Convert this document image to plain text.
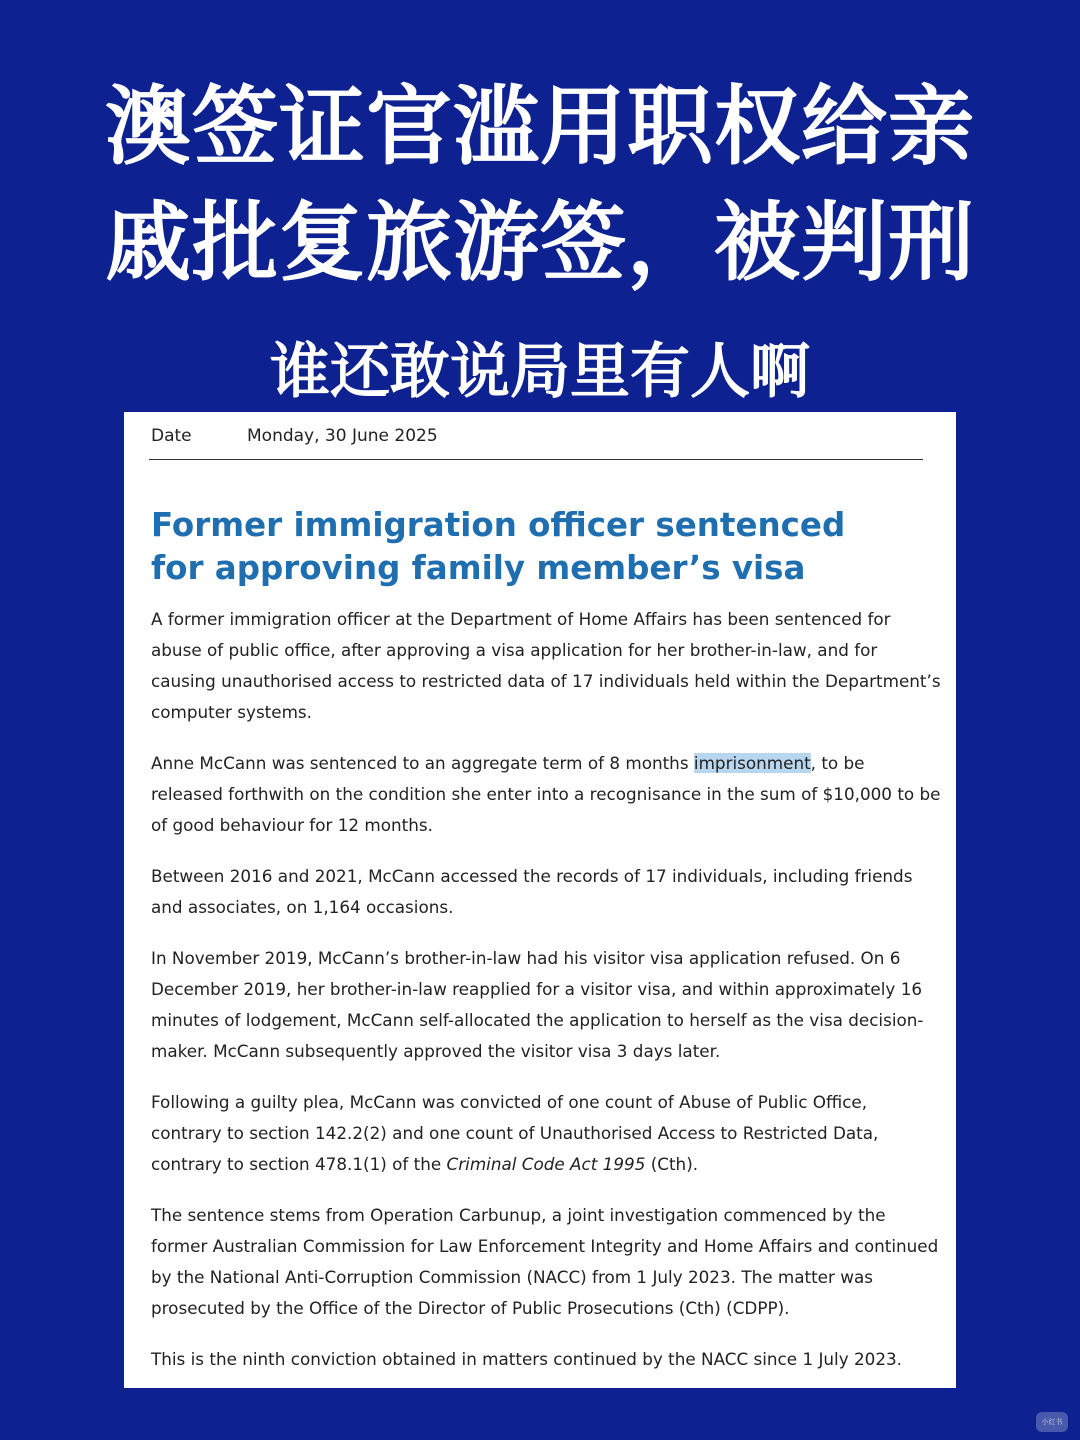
澳签证官滥用职权给亲
戚批复旅游签，被判刑
谁还敢说局里有人啊
Date	Monday, 30 June 2025
Former immigration officer sentenced
for approving family member’s visa

A former immigration officer at the Department of Home Affairs has been sentenced for abuse of public office, after approving a visa application for her brother-in-law, and for causing unauthorised access to restricted data of 17 individuals held within the Department’s computer systems.

Anne McCann was sentenced to an aggregate term of 8 months imprisonment, to be released forthwith on the condition she enter into a recognisance in the sum of $10,000 to be of good behaviour for 12 months.

Between 2016 and 2021, McCann accessed the records of 17 individuals, including friends and associates, on 1,164 occasions.

In November 2019, McCann’s brother-in-law had his visitor visa application refused. On 6 December 2019, her brother-in-law reapplied for a visitor visa, and within approximately 16 minutes of lodgement, McCann self-allocated the application to herself as the visa decision-maker. McCann subsequently approved the visitor visa 3 days later.

Following a guilty plea, McCann was convicted of one count of Abuse of Public Office, contrary to section 142.2(2) and one count of Unauthorised Access to Restricted Data, contrary to section 478.1(1) of the Criminal Code Act 1995 (Cth).

The sentence stems from Operation Carbunup, a joint investigation commenced by the former Australian Commission for Law Enforcement Integrity and Home Affairs and continued by the National Anti-Corruption Commission (NACC) from 1 July 2023. The matter was prosecuted by the Office of the Director of Public Prosecutions (Cth) (CDPP).

This is the ninth conviction obtained in matters continued by the NACC since 1 July 2023.

小红书
